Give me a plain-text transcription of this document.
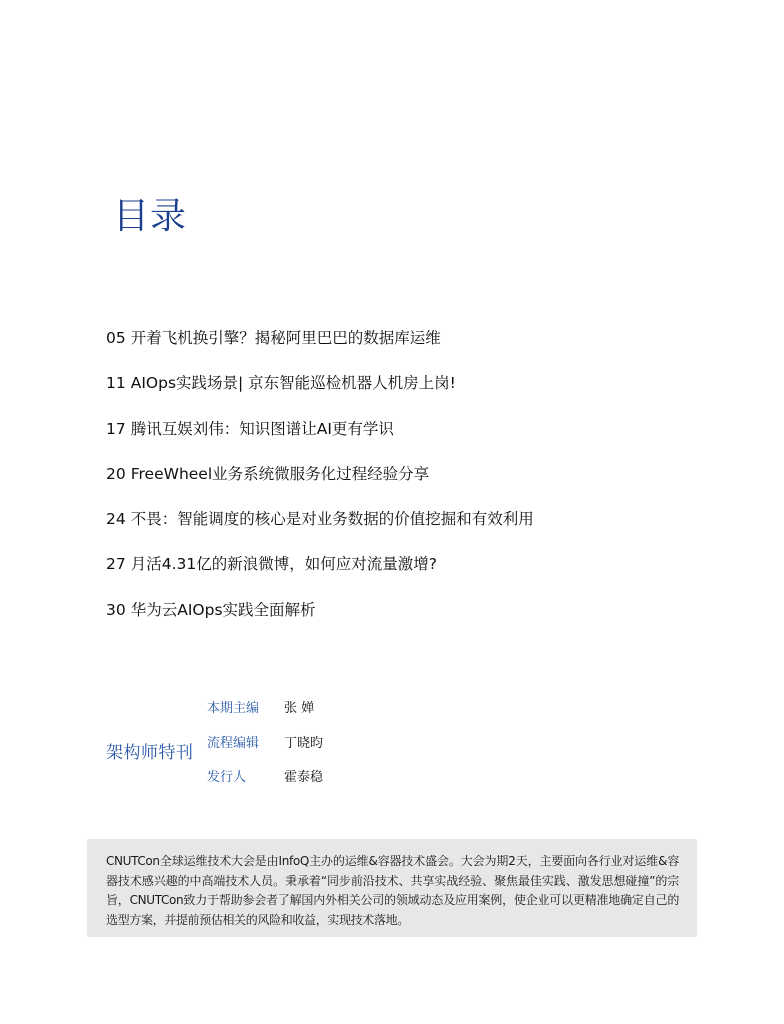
目录
05 开着飞机换引擎？揭秘阿里巴巴的数据库运维
11 AIOps实践场景| 京东智能巡检机器人机房上岗!
17 腾讯互娱刘伟：知识图谱让AI更有学识
20 FreeWheel业务系统微服务化过程经验分享
24 不畏：智能调度的核心是对业务数据的价值挖掘和有效利用
27 月活4.31亿的新浪微博，如何应对流量激增?
30 华为云AIOps实践全面解析
架构师特刊
本期主编	张 婵
流程编辑	丁晓昀
发行人	霍泰稳

CNUTCon全球运维技术大会是由InfoQ主办的运维&容器技术盛会。大会为期2天，主要面向各行业对运维&容器技术感兴趣的中高端技术人员。秉承着“同步前沿技术、共享实战经验、聚焦最佳实践、激发思想碰撞”的宗旨，CNUTCon致力于帮助参会者了解国内外相关公司的领域动态及应用案例，使企业可以更精准地确定自己的选型方案，并提前预估相关的风险和收益，实现技术落地。
